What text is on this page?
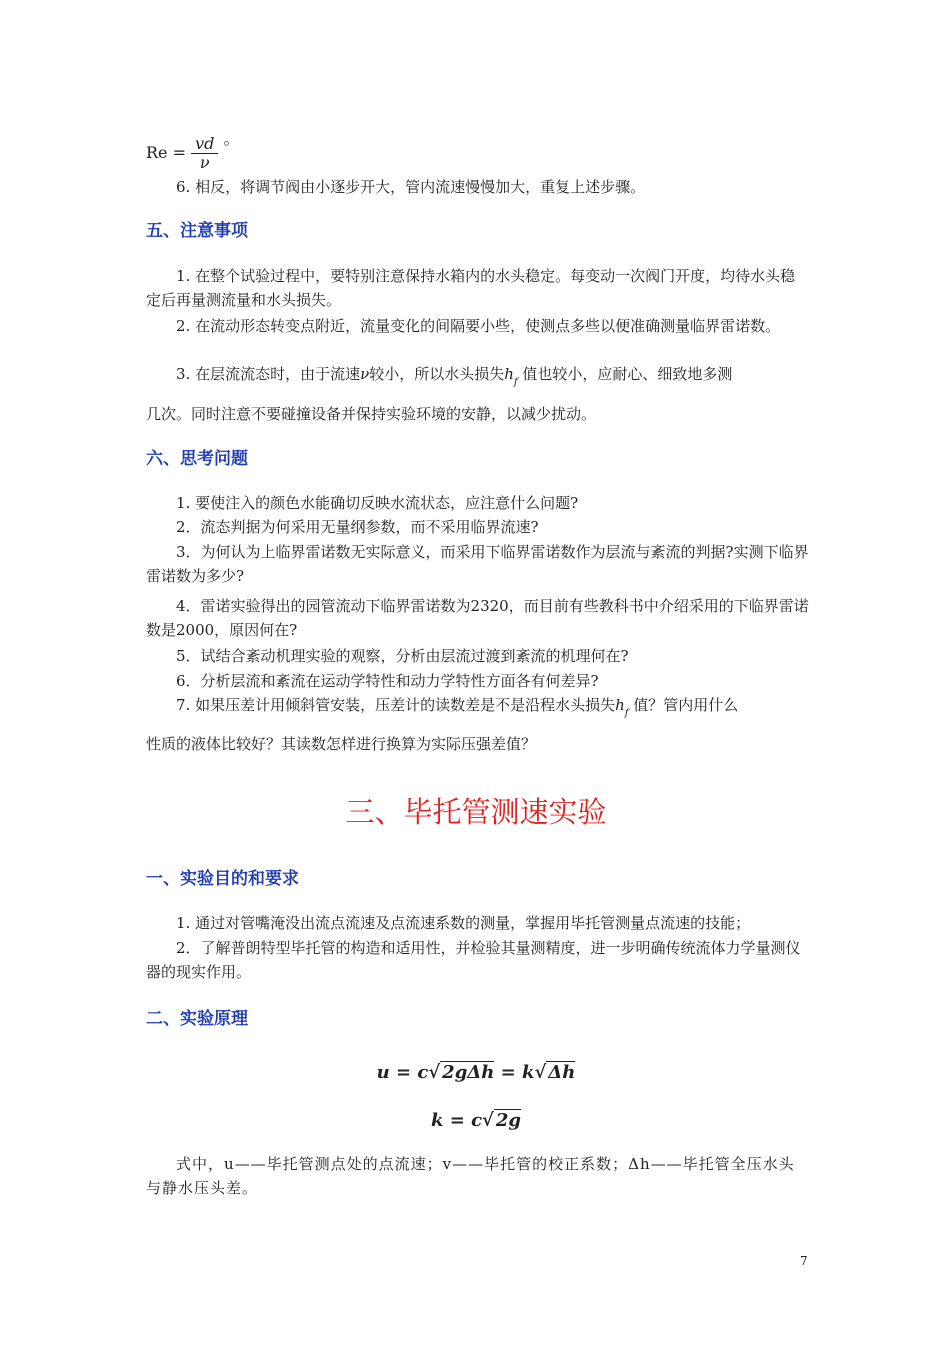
$Re = \frac{vd}{\nu}$ 。
6. 相反，将调节阀由小逐步开大，管内流速慢慢加大，重复上述步骤。
五、注意事项
1. 在整个试验过程中，要特别注意保持水箱内的水头稳定。每变动一次阀门开度，均待水头稳定后再量测流量和水头损失。
2. 在流动形态转变点附近，流量变化的间隔要小些，使测点多些以便准确测量临界雷诺数。
3. 在层流流态时，由于流速ν较小，所以水头损失$h_f$ 值也较小，应耐心、细致地多测
几次。同时注意不要碰撞设备并保持实验环境的安静，以减少扰动。
六、思考问题
1. 要使注入的颜色水能确切反映水流状态，应注意什么问题?
2．流态判据为何采用无量纲参数，而不采用临界流速?
3．为何认为上临界雷诺数无实际意义，而采用下临界雷诺数作为层流与紊流的判据?实测下临界雷诺数为多少?
4．雷诺实验得出的园管流动下临界雷诺数为2320，而目前有些教科书中介绍采用的下临界雷诺数是2000，原因何在?
5．试结合紊动机理实验的观察，分析由层流过渡到紊流的机理何在?
6．分析层流和紊流在运动学特性和动力学特性方面各有何差异?
7. 如果压差计用倾斜管安装，压差计的读数差是不是沿程水头损失$h_f$ 值？管内用什么
性质的液体比较好？其读数怎样进行换算为实际压强差值？
三、毕托管测速实验
一、实验目的和要求
1. 通过对管嘴淹没出流点流速及点流速系数的测量，掌握用毕托管测量点流速的技能；
2．了解普朗特型毕托管的构造和适用性，并检验其量测精度，进一步明确传统流体力学量测仪器的现实作用。
二、实验原理
u = c√ 2gΔh = k√ Δh
k = c√ 2g
式中，u——毕托管测点处的点流速；v——毕托管的校正系数；Δh——毕托管全压水头与静水压头差。
7
